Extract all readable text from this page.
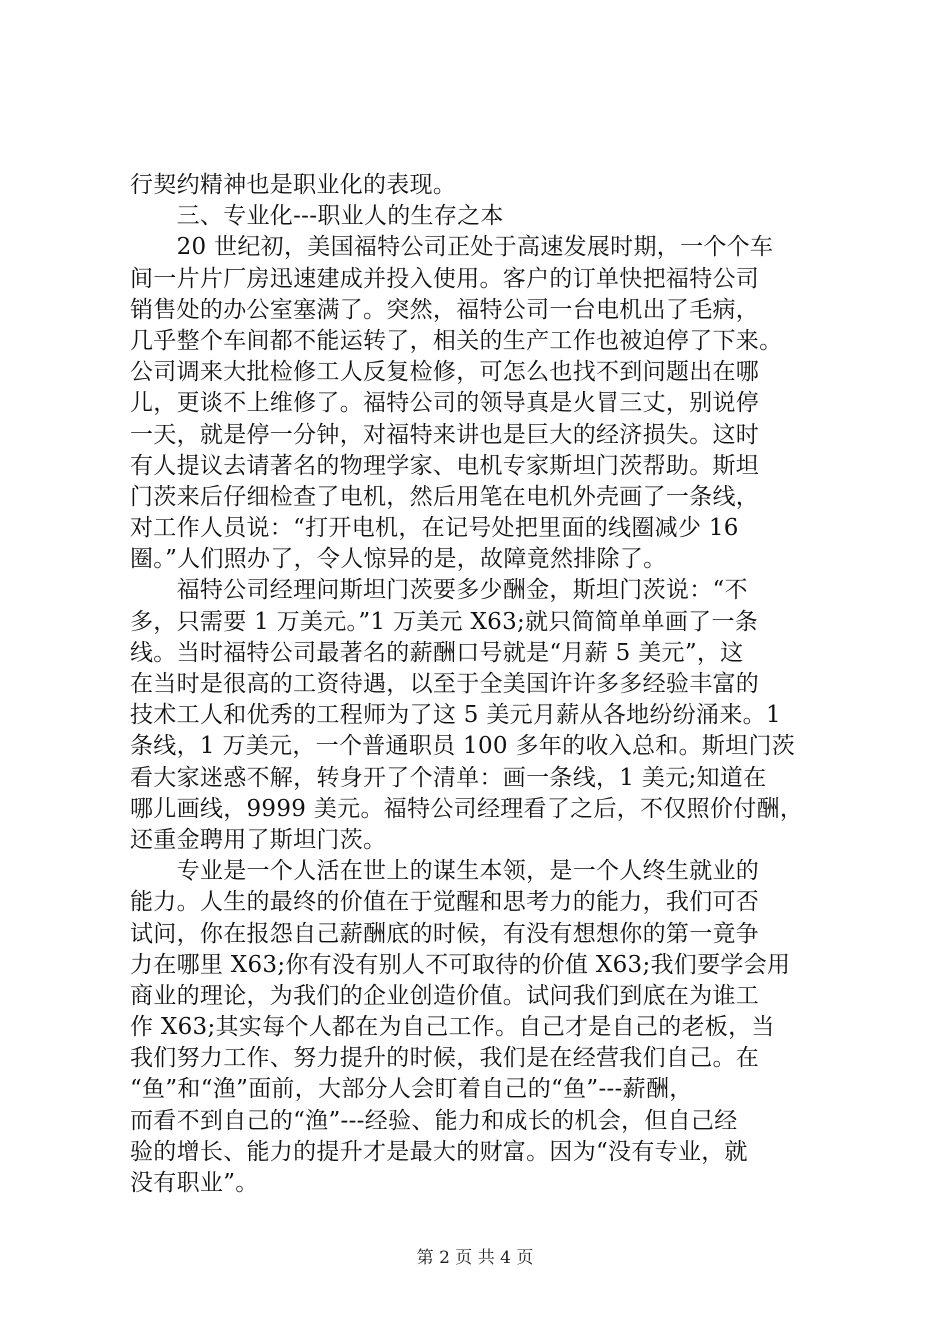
行契约精神也是职业化的表现。
　　三、专业化---职业人的生存之本
　　20 世纪初，美国福特公司正处于高速发展时期，一个个车
间一片片厂房迅速建成并投入使用。客户的订单快把福特公司
销售处的办公室塞满了。突然，福特公司一台电机出了毛病，
几乎整个车间都不能运转了，相关的生产工作也被迫停了下来。
公司调来大批检修工人反复检修，可怎么也找不到问题出在哪
儿，更谈不上维修了。福特公司的领导真是火冒三丈，别说停
一天，就是停一分钟，对福特来讲也是巨大的经济损失。这时
有人提议去请著名的物理学家、电机专家斯坦门茨帮助。斯坦
门茨来后仔细检查了电机，然后用笔在电机外壳画了一条线，
对工作人员说：“打开电机，在记号处把里面的线圈减少 16
圈。”人们照办了，令人惊异的是，故障竟然排除了。
　　福特公司经理问斯坦门茨要多少酬金，斯坦门茨说：“不
多，只需要 1 万美元。”1 万美元 X63;就只简简单单画了一条
线。当时福特公司最著名的薪酬口号就是“月薪 5 美元”，这
在当时是很高的工资待遇，以至于全美国许许多多经验丰富的
技术工人和优秀的工程师为了这 5 美元月薪从各地纷纷涌来。1
条线，1 万美元，一个普通职员 100 多年的收入总和。斯坦门茨
看大家迷惑不解，转身开了个清单：画一条线，1 美元;知道在
哪儿画线，9999 美元。福特公司经理看了之后，不仅照价付酬，
还重金聘用了斯坦门茨。
　　专业是一个人活在世上的谋生本领，是一个人终生就业的
能力。人生的最终的价值在于觉醒和思考力的能力，我们可否
试问，你在报怨自己薪酬底的时候，有没有想想你的第一竟争
力在哪里 X63;你有没有别人不可取待的价值 X63;我们要学会用
商业的理论，为我们的企业创造价值。试问我们到底在为谁工
作 X63;其实每个人都在为自己工作。自己才是自己的老板，当
我们努力工作、努力提升的时候，我们是在经营我们自己。在
“鱼”和“渔”面前，大部分人会盯着自己的“鱼”---薪酬，
而看不到自己的“渔”---经验、能力和成长的机会，但自己经
验的增长、能力的提升才是最大的财富。因为“没有专业，就
没有职业”。
第 2 页 共 4 页
